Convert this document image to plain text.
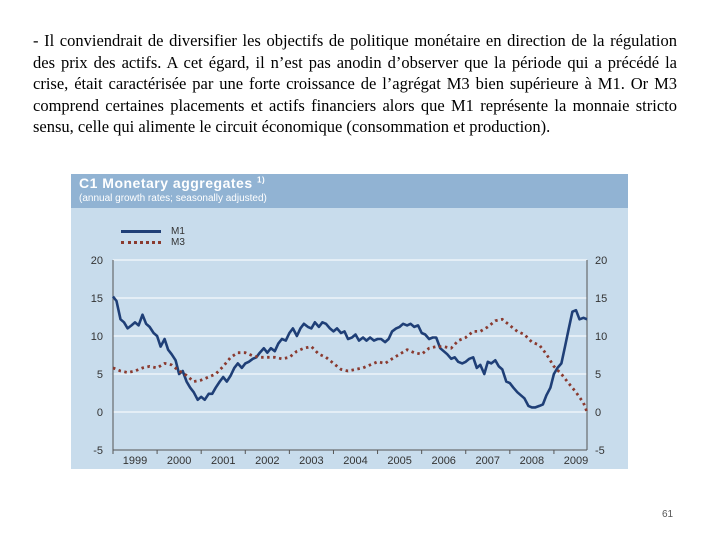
- Il conviendrait de diversifier les objectifs de politique monétaire en direction de la régulation des prix des actifs. A cet égard, il n’est pas anodin d’observer que la période qui a précédé la crise, était caractérisée par une forte croissance de l’agrégat M3 bien supérieure à M1. Or M3 comprend certaines placements et actifs financiers alors que M1 représente la monnaie stricto sensu, celle qui alimente le circuit économique (consommation et production).
C1 Monetary aggregates $^{1)}$
(annual growth rates; seasonally adjusted)
M1
M3
-5	-5
0	0
5	5
10	10
15	15
20	20
1999 2000 2001 2002 2003 2004 2005 2006 2007 2008 2009
61
